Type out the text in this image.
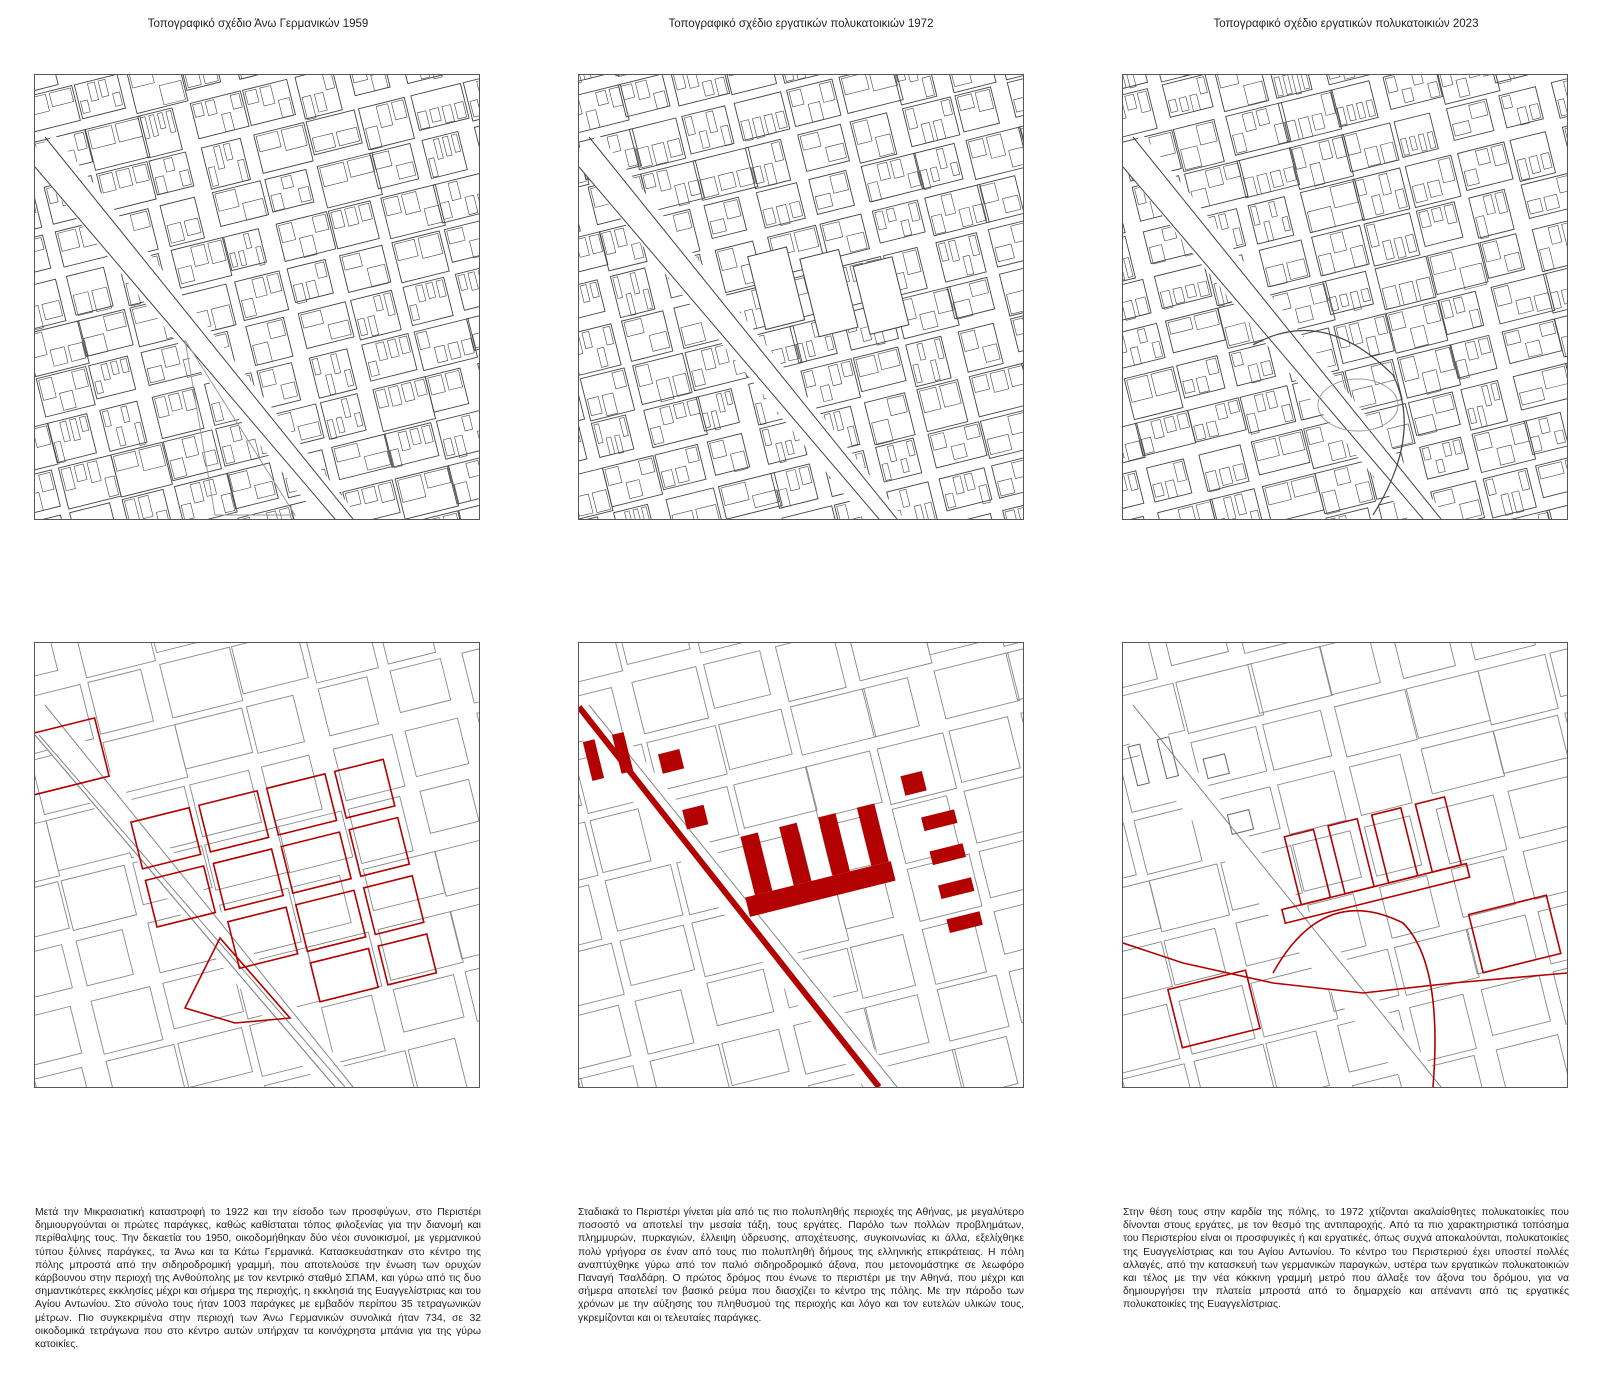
Τοπογραφικό σχέδιο Άνω Γερμανικών 1959	Τοπογραφικό σχέδιο εργατικών πολυκατοικιών 1972	Τοπογραφικό σχέδιο εργατικών πολυκατοικιών 2023
Μετά την Μικρασιατική καταστροφή το 1922 και την είσοδο των προσφύγων, στο Περιστέρι δημιουργούνται οι πρώτες παράγκες, καθώς καθίσταται τόπος φιλοξενίας για την διανομή και περίθαλψης τους. Την δεκαετία του 1950, οικοδομήθηκαν δύο νέοι συνοικισμοί, με γερμανικού τύπου ξύλινες παράγκες, τα Άνω και τα Κάτω Γερμανικά. Κατασκευάστηκαν στο κέντρο της πόλης μπροστά από την σιδηροδρομική γραμμή, που αποτελούσε την ένωση των ορυχών κάρβουνου στην περιοχή της Ανθούπολης με τον κεντρικό σταθμό ΣΠΑΜ, και γύρω από τις δυο σημαντικότερες εκκλησίες μέχρι και σήμερα της περιοχής, η εκκλησιά της Ευαγγελίστριας και του Αγίου Αντωνίου. Στο σύνολο τους ήταν 1003 παράγκες με εμβαδόν περίπου 35 τετραγωνικών μέτρων. Πιο συγκεκριμένα στην περιοχή των Άνω Γερμανικών συνολικά ήταν 734, σε 32 οικοδομικά τετράγωνα που στο κέντρο αυτών υπήρχαν τα κοινόχρηστα μπάνια για της γύρω κατοικίες.
Σταδιακά το Περιστέρι γίνεται μία από τις πιο πολυπληθής περιοχές της Αθήνας, με μεγαλύτερο ποσοστό να αποτελεί την μεσαία τάξη, τους εργάτες. Παρόλο των πολλών προβλημάτων, πλημμυρών, πυρκαγιών, έλλειψη ύδρευσης, αποχέτευσης, συγκοινωνίας κι άλλα, εξελίχθηκε πολύ γρήγορα σε έναν από τους πιο πολυπληθή δήμους της ελληνικής επικράτειας. Η πόλη αναπτύχθηκε γύρω από τον παλιό σιδηροδρομικό άξονα, που μετονομάστηκε σε λεωφόρο Παναγή Τσαλδάρη. Ο πρώτος δρόμος που ένωνε το περιστέρι με την Αθηνά, που μέχρι και σήμερα αποτελεί τον βασικό ρεύμα που διασχίζει το κέντρο της πόλης. Με την πάροδο των χρόνων με την αύξησης του πληθυσμού της περιοχής και λόγο και τον ευτελών υλικών τους, γκρεμίζονται και οι τελευταίες παράγκες.
Στην θέση τους στην καρδία της πόλης, το 1972 χτίζονται ακαλαίσθητες πολυκατοικίες που δίνονται στους εργάτες, με τον θεσμό της αντιπαροχής. Από τα πιο χαρακτηριστικά τοπόσημα του Περιστερίου είναι οι προσφυγικές ή και εργατικές, όπως συχνά αποκαλούνται, πολυκατοικίες της Ευαγγελίστριας και του Αγίου Αντωνίου. Το κέντρο του Περιστεριού έχει υποστεί πολλές αλλαγές, από την κατασκευή των γερμανικών παραγκών, υστέρα των εργατικών πολυκατοικιών και τέλος με την νέα κόκκινη γραμμή μετρό που άλλαξε τον άξονα του δρόμου, για να δημιουργήσει την πλατεία μπροστά από το δημαρχείο και απέναντι από τις εργατικές πολυκατοικίες της Ευαγγελίστριας.
